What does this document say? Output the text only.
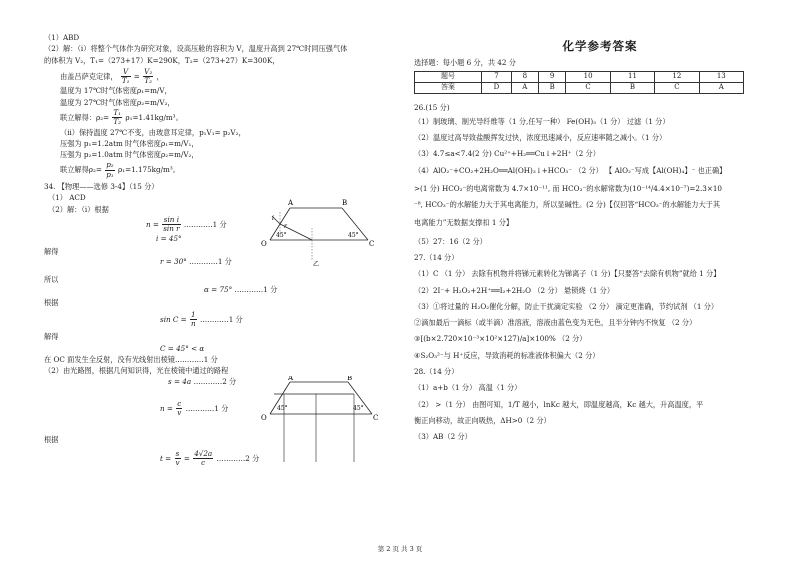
（1）ABD
（2）解：（i）将整个气体作为研究对象，设高压舱的容积为 V，温度升高到 27℃时同压强气体
的体积为 V₂，T₁=（273+17）K=290K，T₂=（273+27）K=300K，
由盖吕萨克定律， $\frac{V}{\text{T₁}} = \frac{\text{V₂}}{\text{T₂}}$ ，
温度为 17℃时气体密度ρ₁=m/V，
温度为 27℃时气体密度ρ₂=m/V₂，
联立解得：$\rho_2= \frac{\text{T₁}}{\text{T₂}} \rho_1=1.41kg/m^3$。
（ii）保持温度 27℃不变，由玻意耳定律，p₁V₁= p₂V₂，
压强为 p₁=1.2atm 时气体密度ρ₁=m/V₁，
压强为 p₂=1.0atm 时气体密度ρ₂=m/V₂，
联立解得$\rho_2= \frac{\text{p₂}}{\text{p₁}} \rho_1=1.175kg/m^3$。
34. 【物理——选修 3-4】（15 分）
（1） ACD
（2）解：（i）根据
$n = \frac{\text{sin i}}{\text{sin r}}$ …………1 分
i = 45°
解得
r = 30° …………1 分
所以
α = 75° …………1 分
根据
$\sin C = \frac{1}{n}$ …………1 分
解得
C = 45° < α
在 OC 面发生全反射，没有光线射出棱镜…………1 分
（2）由光路图，根据几何知识得，光在棱镜中通过的路程
s = 4a …………2 分
$n = \frac{c}{v}$ …………1 分
根据
$t = \frac{s}{v} = \frac{4√2a}{c}$ …………2 分
A	B
C
O
i
r
45°	45°
乙
A	B
C
O
45°	45°
化学参考答案
选择题：每小题 6 分，共 42 分
题号	7	8	9	10	11	12	13
答案	D	A	B	C	B	C	A
26.(15 分)
（1）制玻璃、制光导纤维等（1 分,任写一种） Fe(OH)₃（1 分） 过滤（1 分）
（2）温度过高导致盐酸挥发过快，浓度迅速减小，反应速率随之减小。（1 分）
（3）4.7≤a<7.4(2 分) Cu²⁺+H₂══Cu↓+2H⁺（2 分）
（4）AlO₂⁻+CO₂+2H₂O══Al(OH)₃↓+HCO₃⁻ （2 分） 【 AlO₂⁻写成【Al(OH)₄】⁻ 也正确】
>(1 分) HCO₃⁻的电离常数为 4.7×10⁻¹¹, 而 HCO₃⁻的水解常数为(10⁻¹⁴/4.4×10⁻⁷)=2.3×10
⁻⁸, HCO₃⁻的水解能力大于其电离能力，所以显碱性。(2 分)【仅回答“HCO₃⁻的水解能力大于其
电离能力”无数据支撑扣 1 分】
（5）27：16（2 分）
27.（14 分）
（1）C （1 分） 去除有机物并将锑元素转化为锑离子（1 分)【只要答“去除有机物”就给 1 分】
（2）2I⁻+ H₂O₂+2H⁺══I₂+2H₂O （2 分） 悬锁烧（1 分）
（3）①将过量的 H₂O₂催化分解，防止干扰滴定实验 （2 分） 滴定更准确，节约试剂 （1 分）
②滴加最后一滴标（或半滴）准溶液，溶液由蓝色变为无色，且半分钟内不恢复 （2 分）
③[(b×2.720×10⁻³×10²×127)/a]×100% （2 分）
④S₂O₃²⁻与 H⁺反应，导致消耗的标准液体积偏大（2 分）
28.（14 分）
（1）a+b（1 分） 高温（1 分）
（2） >（1 分） 由图可知，1/T 越小，lnKc 越大，即温度越高，Kc 越大，升高温度，平
衡正向移动，故正向吸热，ΔH>0（2 分）
（3）AB（2 分）
第 2 页 共 3 页
